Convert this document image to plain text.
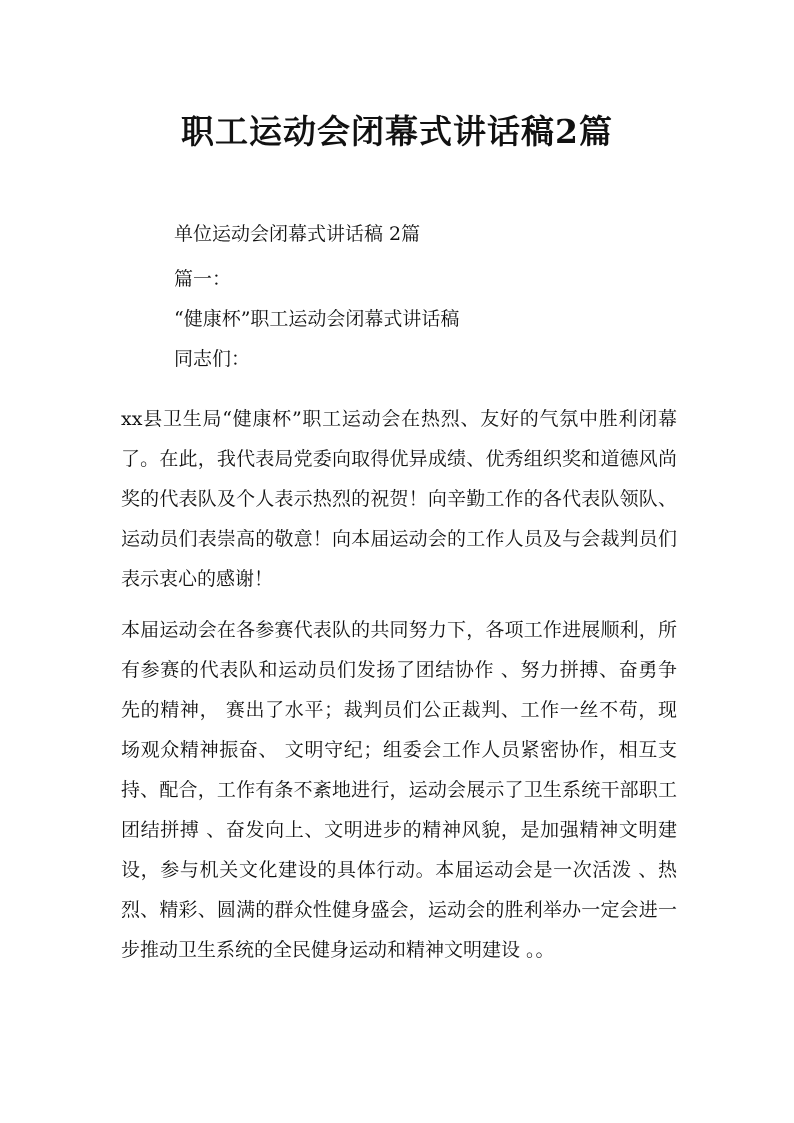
职工运动会闭幕式讲话稿2篇
单位运动会闭幕式讲话稿 2篇
篇一：
“健康杯”职工运动会闭幕式讲话稿
同志们：

xx县卫生局“健康杯”职工运动会在热烈、友好的气氛中胜利闭幕了。在此，我代表局党委向取得优异成绩、优秀组织奖和道德风尚奖的代表队及个人表示热烈的祝贺！向辛勤工作的各代表队领队、运动员们表崇高的敬意！向本届运动会的工作人员及与会裁判员们表示衷心的感谢！

本届运动会在各参赛代表队的共同努力下，各项工作进展顺利，所有参赛的代表队和运动员们发扬了团结协作 、努力拼搏、奋勇争先的精神， 赛出了水平；裁判员们公正裁判、工作一丝不苟，现场观众精神振奋、 文明守纪；组委会工作人员紧密协作，相互支持、配合，工作有条不紊地进行，运动会展示了卫生系统干部职工团结拼搏 、奋发向上、文明进步的精神风貌，是加强精神文明建设，参与机关文化建设的具体行动。本届运动会是一次活泼 、热烈、精彩、圆满的群众性健身盛会，运动会的胜利举办一定会进一步推动卫生系统的全民健身运动和精神文明建设 。。
